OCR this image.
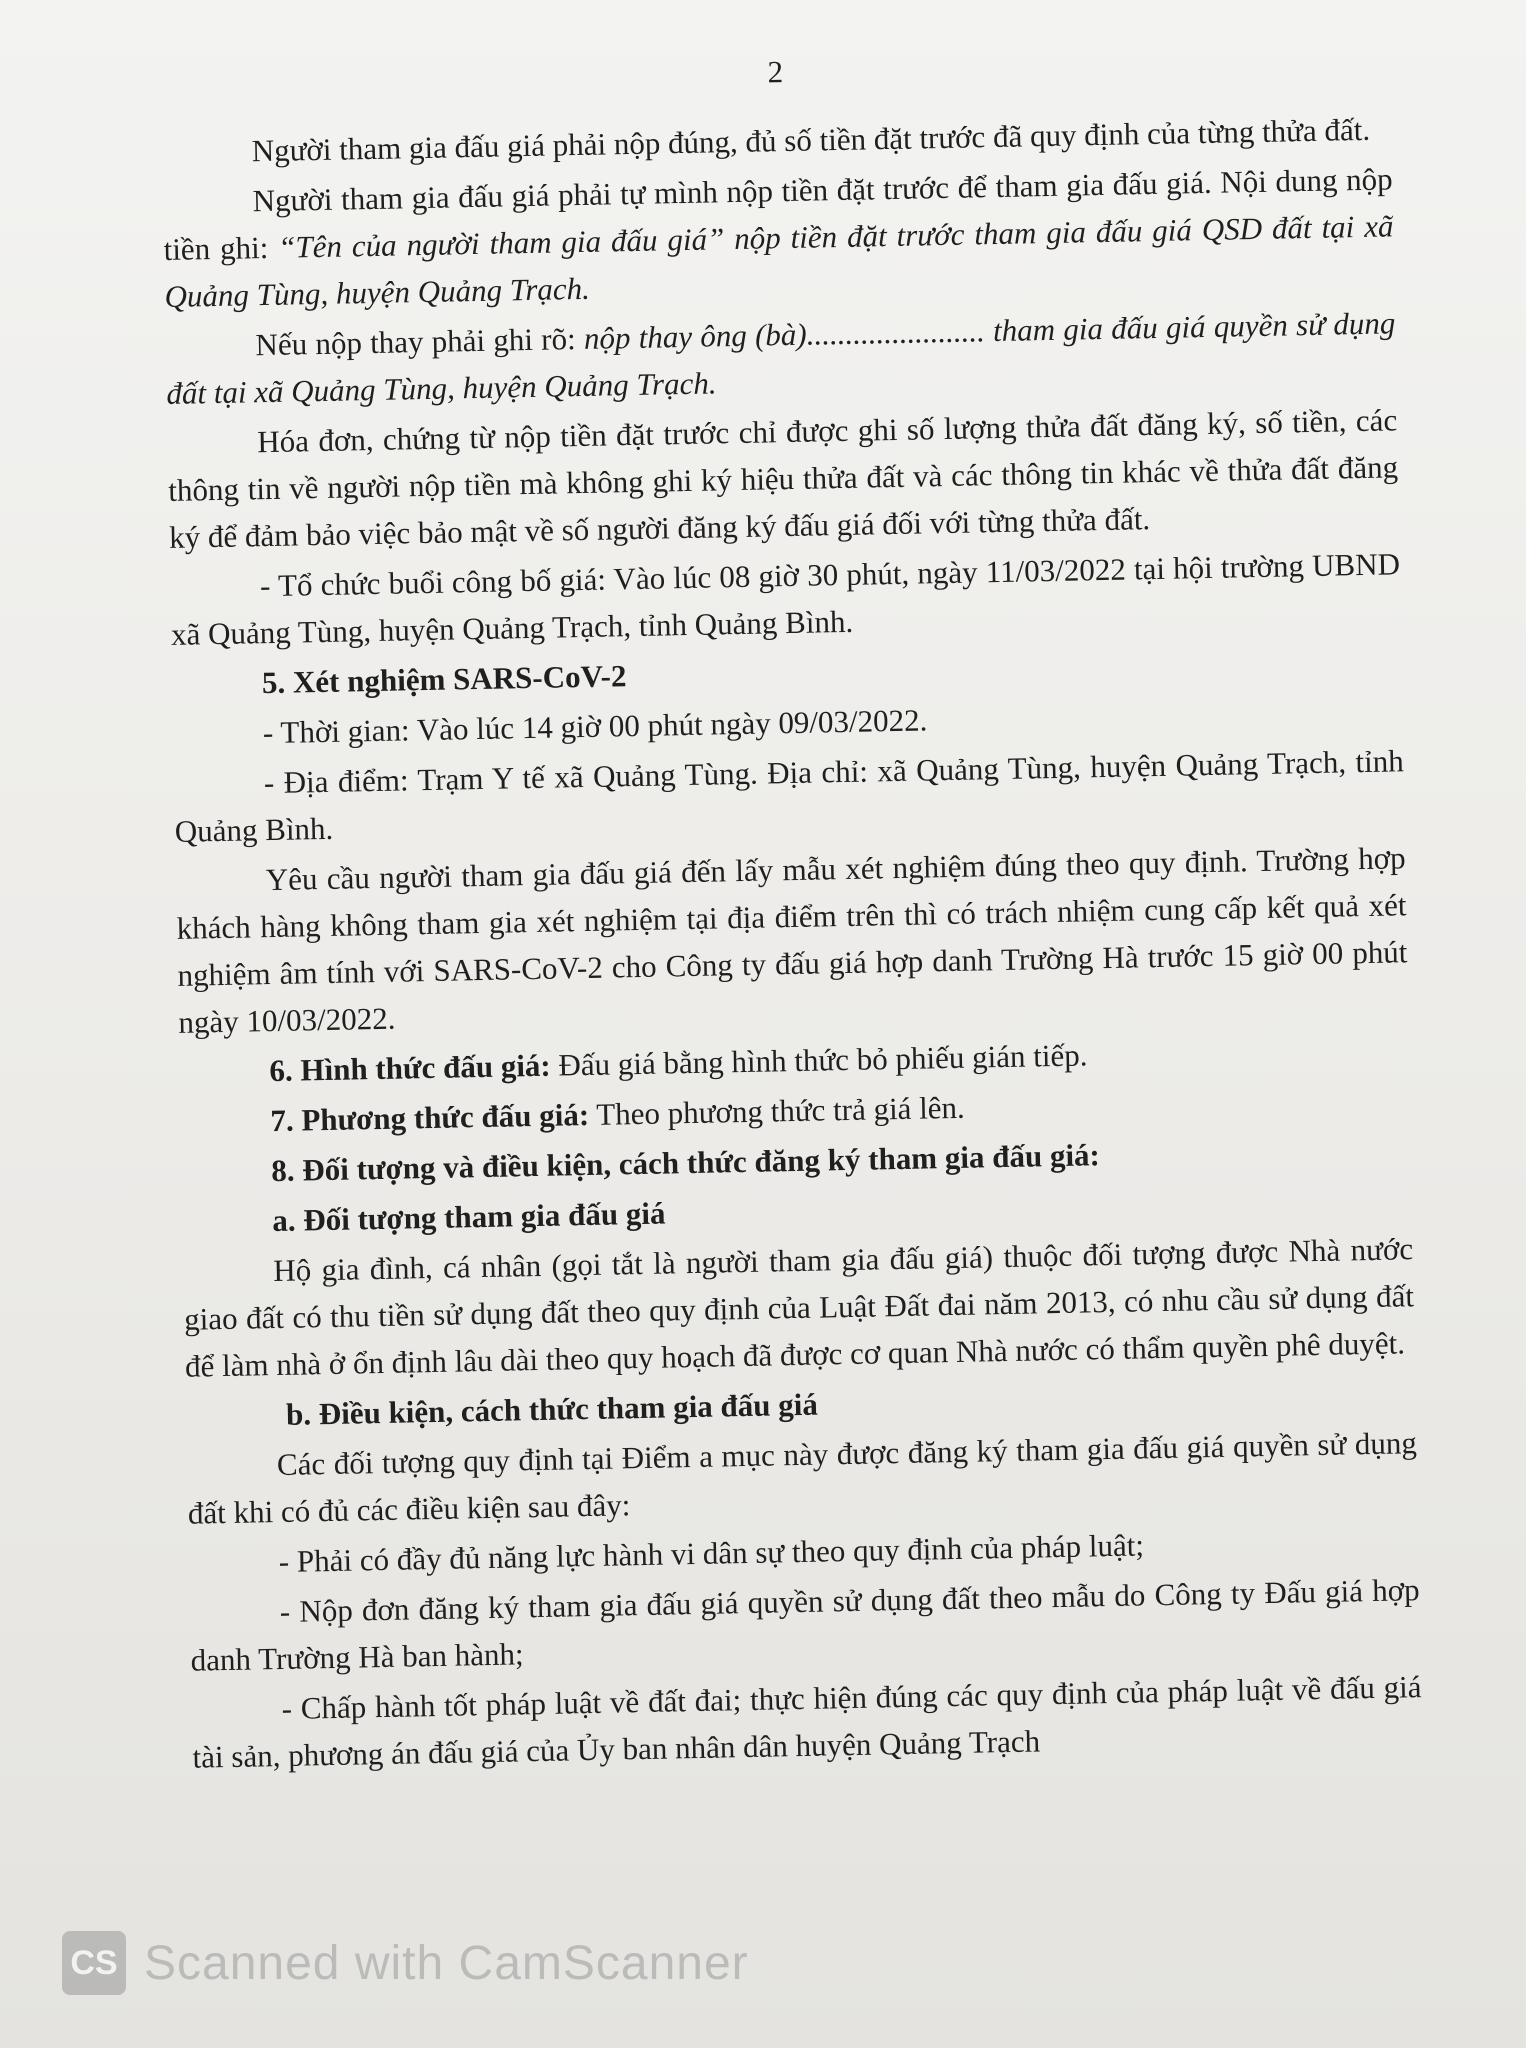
2

Người tham gia đấu giá phải nộp đúng, đủ số tiền đặt trước đã quy định của từng thửa đất.

Người tham gia đấu giá phải tự mình nộp tiền đặt trước để tham gia đấu giá. Nội dung nộp tiền ghi: “Tên của người tham gia đấu giá” nộp tiền đặt trước tham gia đấu giá QSD đất tại xã Quảng Tùng, huyện Quảng Trạch.

Nếu nộp thay phải ghi rõ: nộp thay ông (bà)....................... tham gia đấu giá quyền sử dụng đất tại xã Quảng Tùng, huyện Quảng Trạch.

Hóa đơn, chứng từ nộp tiền đặt trước chỉ được ghi số lượng thửa đất đăng ký, số tiền, các thông tin về người nộp tiền mà không ghi ký hiệu thửa đất và các thông tin khác về thửa đất đăng ký để đảm bảo việc bảo mật về số người đăng ký đấu giá đối với từng thửa đất.

- Tổ chức buổi công bố giá: Vào lúc 08 giờ 30 phút, ngày 11/03/2022 tại hội trường UBND xã Quảng Tùng, huyện Quảng Trạch, tỉnh Quảng Bình.

5. Xét nghiệm SARS-CoV-2

- Thời gian: Vào lúc 14 giờ 00 phút ngày 09/03/2022.

- Địa điểm: Trạm Y tế xã Quảng Tùng. Địa chỉ: xã Quảng Tùng, huyện Quảng Trạch, tỉnh Quảng Bình.

Yêu cầu người tham gia đấu giá đến lấy mẫu xét nghiệm đúng theo quy định. Trường hợp khách hàng không tham gia xét nghiệm tại địa điểm trên thì có trách nhiệm cung cấp kết quả xét nghiệm âm tính với SARS-CoV-2 cho Công ty đấu giá hợp danh Trường Hà trước 15 giờ 00 phút ngày 10/03/2022.

6. Hình thức đấu giá: Đấu giá bằng hình thức bỏ phiếu gián tiếp.

7. Phương thức đấu giá: Theo phương thức trả giá lên.

8. Đối tượng và điều kiện, cách thức đăng ký tham gia đấu giá:

a. Đối tượng tham gia đấu giá

Hộ gia đình, cá nhân (gọi tắt là người tham gia đấu giá) thuộc đối tượng được Nhà nước giao đất có thu tiền sử dụng đất theo quy định của Luật Đất đai năm 2013, có nhu cầu sử dụng đất để làm nhà ở ổn định lâu dài theo quy hoạch đã được cơ quan Nhà nước có thẩm quyền phê duyệt.

b. Điều kiện, cách thức tham gia đấu giá

Các đối tượng quy định tại Điểm a mục này được đăng ký tham gia đấu giá quyền sử dụng đất khi có đủ các điều kiện sau đây:

- Phải có đầy đủ năng lực hành vi dân sự theo quy định của pháp luật;

- Nộp đơn đăng ký tham gia đấu giá quyền sử dụng đất theo mẫu do Công ty Đấu giá hợp danh Trường Hà ban hành;

- Chấp hành tốt pháp luật về đất đai; thực hiện đúng các quy định của pháp luật về đấu giá tài sản, phương án đấu giá của Ủy ban nhân dân huyện Quảng Trạch

CS Scanned with CamScanner
